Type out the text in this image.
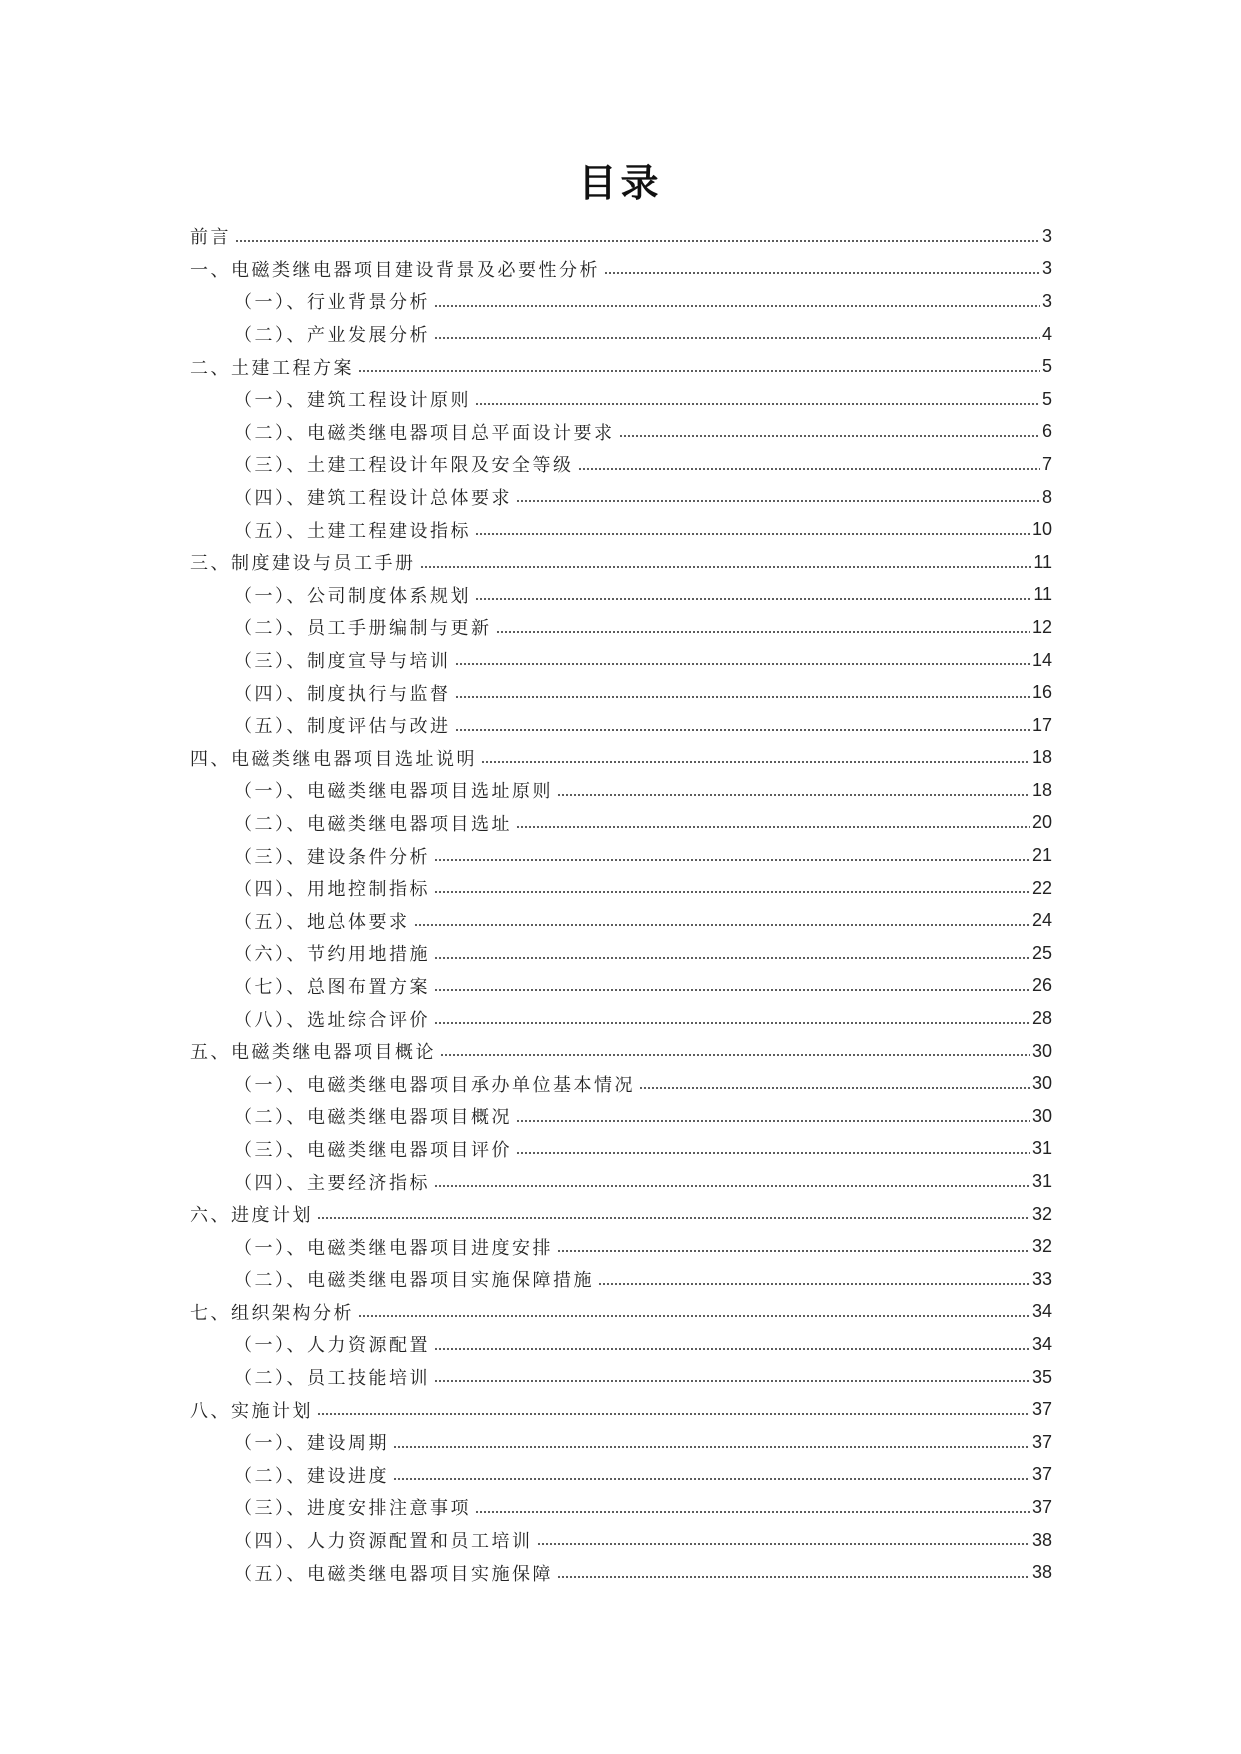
目录
前言	3
一、电磁类继电器项目建设背景及必要性分析	3
（一）、行业背景分析	3
（二）、产业发展分析	4
二、土建工程方案	5
（一）、建筑工程设计原则	5
（二）、电磁类继电器项目总平面设计要求	6
（三）、土建工程设计年限及安全等级	7
（四）、建筑工程设计总体要求	8
（五）、土建工程建设指标	10
三、制度建设与员工手册	11
（一）、公司制度体系规划	11
（二）、员工手册编制与更新	12
（三）、制度宣导与培训	14
（四）、制度执行与监督	16
（五）、制度评估与改进	17
四、电磁类继电器项目选址说明	18
（一）、电磁类继电器项目选址原则	18
（二）、电磁类继电器项目选址	20
（三）、建设条件分析	21
（四）、用地控制指标	22
（五）、地总体要求	24
（六）、节约用地措施	25
（七）、总图布置方案	26
（八）、选址综合评价	28
五、电磁类继电器项目概论	30
（一）、电磁类继电器项目承办单位基本情况	30
（二）、电磁类继电器项目概况	30
（三）、电磁类继电器项目评价	31
（四）、主要经济指标	31
六、进度计划	32
（一）、电磁类继电器项目进度安排	32
（二）、电磁类继电器项目实施保障措施	33
七、组织架构分析	34
（一）、人力资源配置	34
（二）、员工技能培训	35
八、实施计划	37
（一）、建设周期	37
（二）、建设进度	37
（三）、进度安排注意事项	37
（四）、人力资源配置和员工培训	38
（五）、电磁类继电器项目实施保障	38
